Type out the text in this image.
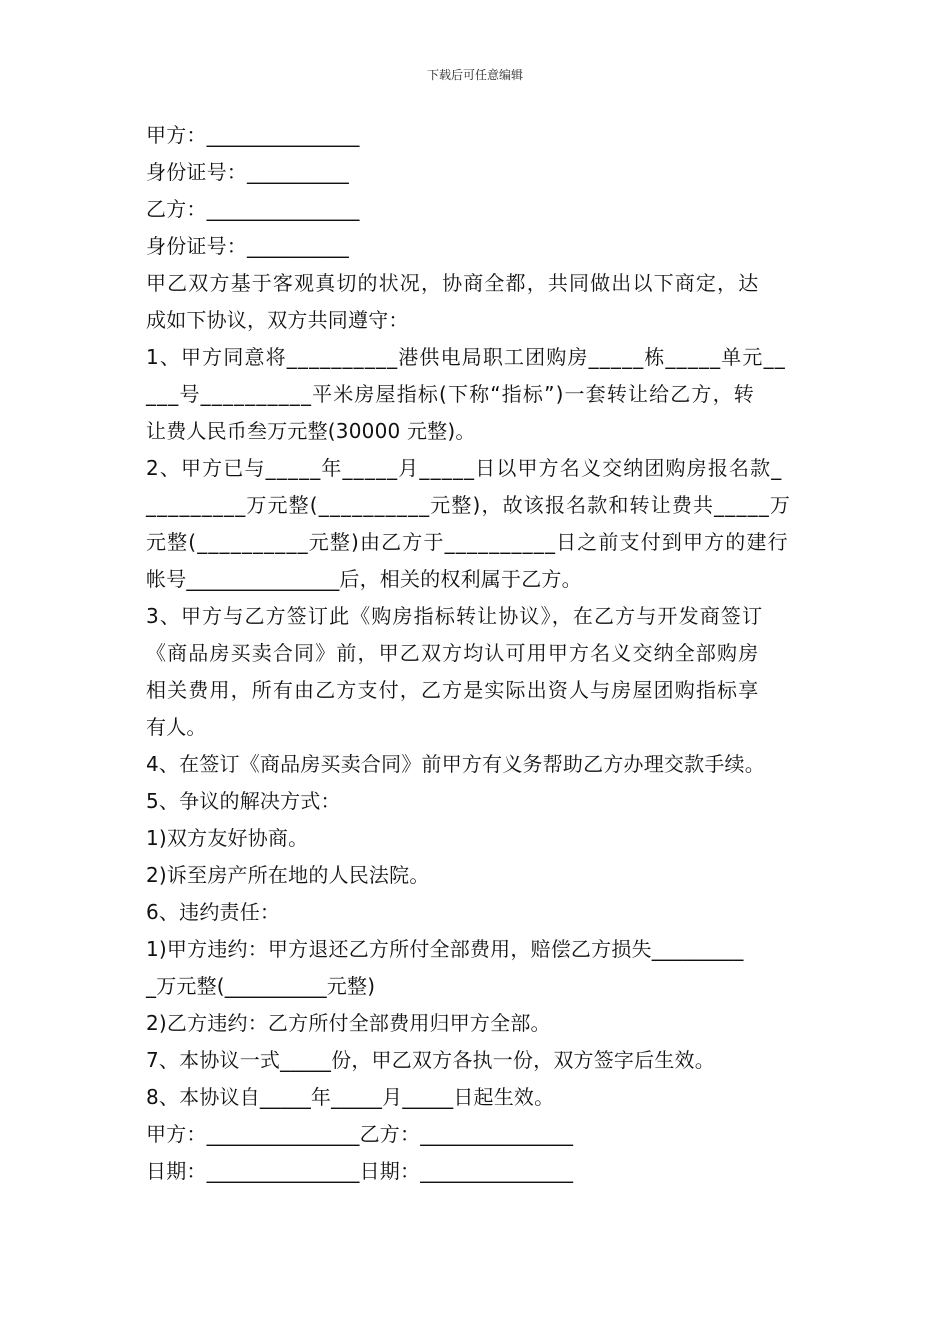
下载后可任意编辑
甲方：_______________
身份证号：__________
乙方：_______________
身份证号：__________
甲乙双方基于客观真切的状况，协商全都，共同做出以下商定，达
成如下协议，双方共同遵守：
1、甲方同意将__________港供电局职工团购房_____栋_____单元__
___号__________平米房屋指标(下称“指标”)一套转让给乙方，转
让费人民币叁万元整(30000 元整)。
2、甲方已与_____年_____月_____日以甲方名义交纳团购房报名款_
_________万元整(__________元整)，故该报名款和转让费共_____万
元整(__________元整)由乙方于__________日之前支付到甲方的建行
帐号_______________后，相关的权利属于乙方。
3、甲方与乙方签订此《购房指标转让协议》，在乙方与开发商签订
《商品房买卖合同》前，甲乙双方均认可用甲方名义交纳全部购房
相关费用，所有由乙方支付，乙方是实际出资人与房屋团购指标享
有人。
4、在签订《商品房买卖合同》前甲方有义务帮助乙方办理交款手续。
5、争议的解决方式：
1)双方友好协商。
2)诉至房产所在地的人民法院。
6、违约责任：
1)甲方违约：甲方退还乙方所付全部费用，赔偿乙方损失_________
_万元整(__________元整)
2)乙方违约：乙方所付全部费用归甲方全部。
7、本协议一式_____份，甲乙双方各执一份，双方签字后生效。
8、本协议自_____年_____月_____日起生效。
甲方：_______________乙方：_______________
日期：_______________日期：_______________
